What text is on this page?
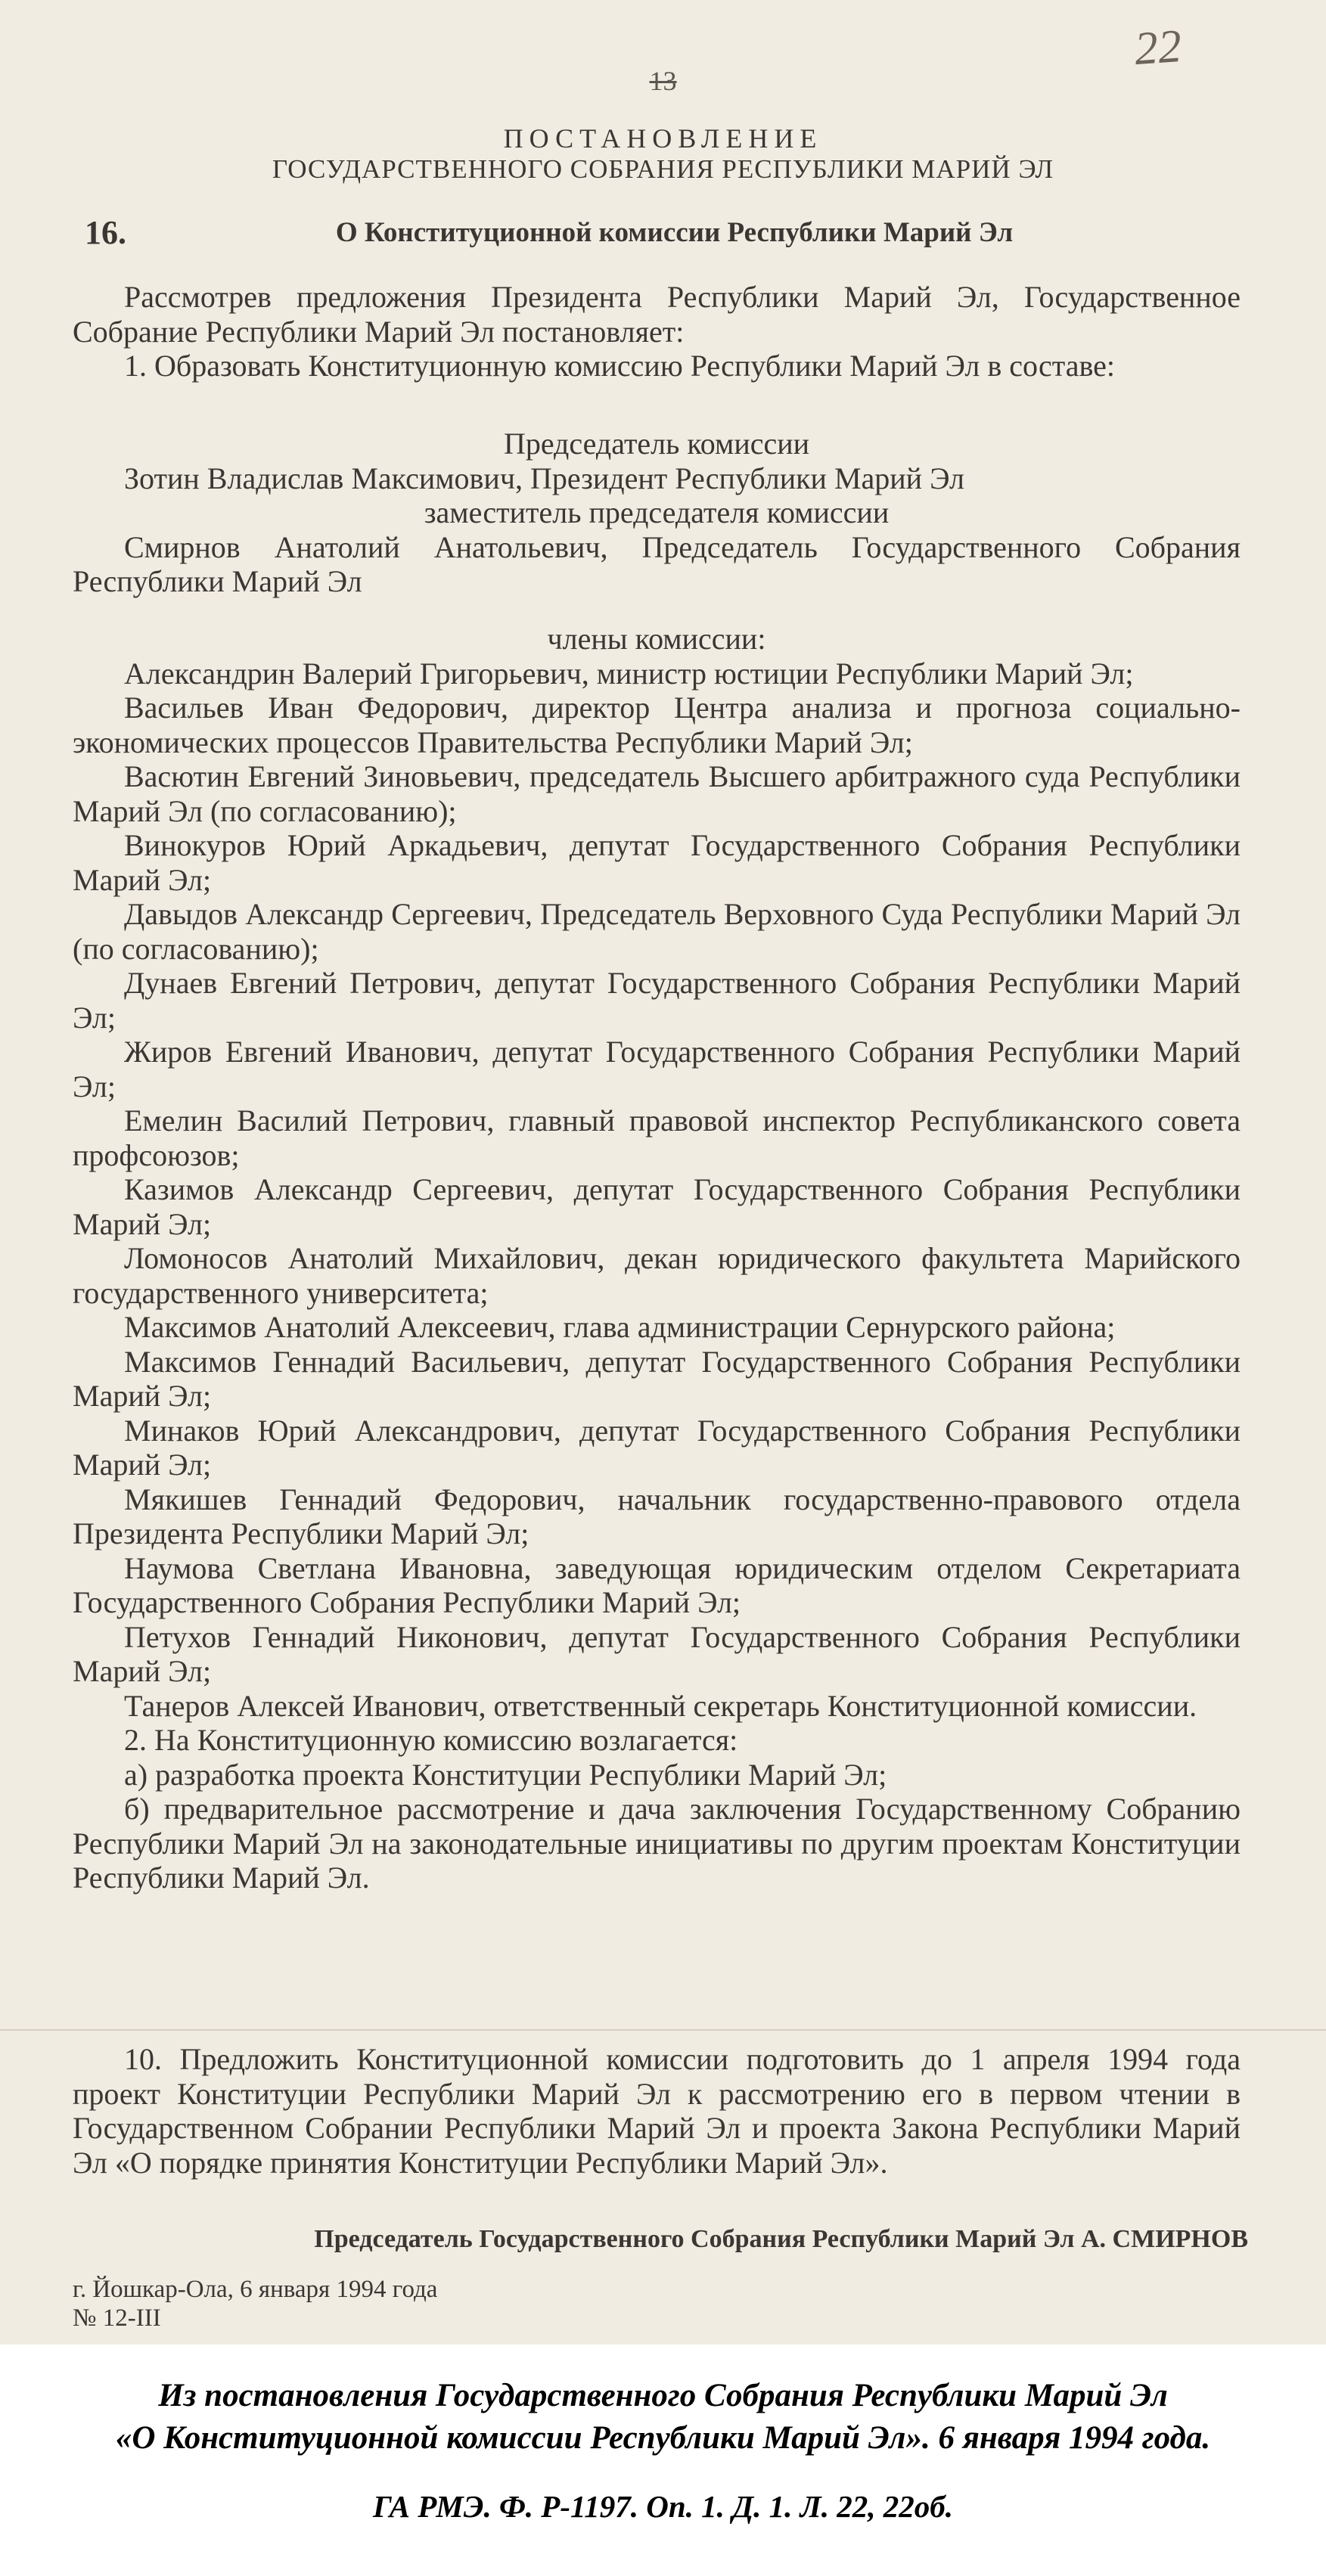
22
13
ПОСТАНОВЛЕНИЕ
ГОСУДАРСТВЕННОГО СОБРАНИЯ РЕСПУБЛИКИ МАРИЙ ЭЛ
16.	О Конституционной комиссии Республики Марий Эл

Рассмотрев предложения Президента Республики Марий Эл, Государственное Собрание Республики Марий Эл постановляет:

1. Образовать Конституционную комиссию Республики Марий Эл в составе:

Председатель комиссии

Зотин Владислав Максимович, Президент Республики Марий Эл

заместитель председателя комиссии

Смирнов Анатолий Анатольевич, Председатель Государственного Собрания Республики Марий Эл

члены комиссии:

Александрин Валерий Григорьевич, министр юстиции Республики Марий Эл;

Васильев Иван Федорович, директор Центра анализа и прогноза социально-экономических процессов Правительства Республики Марий Эл;

Васютин Евгений Зиновьевич, председатель Высшего арбитражного суда Республики Марий Эл (по согласованию);

Винокуров Юрий Аркадьевич, депутат Государственного Собрания Республики Марий Эл;

Давыдов Александр Сергеевич, Председатель Верховного Суда Республики Марий Эл (по согласованию);

Дунаев Евгений Петрович, депутат Государственного Собрания Республики Марий Эл;

Жиров Евгений Иванович, депутат Государственного Собрания Республики Марий Эл;

Емелин Василий Петрович, главный правовой инспектор Республиканского совета профсоюзов;

Казимов Александр Сергеевич, депутат Государственного Собрания Республики Марий Эл;

Ломоносов Анатолий Михайлович, декан юридического факультета Марийского государственного университета;

Максимов Анатолий Алексеевич, глава администрации Сернурского района;

Максимов Геннадий Васильевич, депутат Государственного Собрания Республики Марий Эл;

Минаков Юрий Александрович, депутат Государственного Собрания Республики Марий Эл;

Мякишев Геннадий Федорович, начальник государственно-правового отдела Президента Республики Марий Эл;

Наумова Светлана Ивановна, заведующая юридическим отделом Секретариата Государственного Собрания Республики Марий Эл;

Петухов Геннадий Никонович, депутат Государственного Собрания Республики Марий Эл;

Танеров Алексей Иванович, ответственный секретарь Конституционной комиссии.

2. На Конституционную комиссию возлагается:

а) разработка проекта Конституции Республики Марий Эл;

б) предварительное рассмотрение и дача заключения Государственному Собранию Республики Марий Эл на законодательные инициативы по другим проектам Конституции Республики Марий Эл.

10. Предложить Конституционной комиссии подготовить до 1 апреля 1994 года проект Конституции Республики Марий Эл к рассмотрению его в первом чтении в Государственном Собрании Республики Марий Эл и проекта Закона Республики Марий Эл «О порядке принятия Конституции Республики Марий Эл».

Председатель Государственного Собрания Республики Марий Эл А. СМИРНОВ
г. Йошкар-Ола, 6 января 1994 года
№ 12-III
Из постановления Государственного Собрания Республики Марий Эл
«О Конституционной комиссии Республики Марий Эл». 6 января 1994 года.
ГА РМЭ. Ф. Р-1197. Оп. 1. Д. 1. Л. 22, 22об.
